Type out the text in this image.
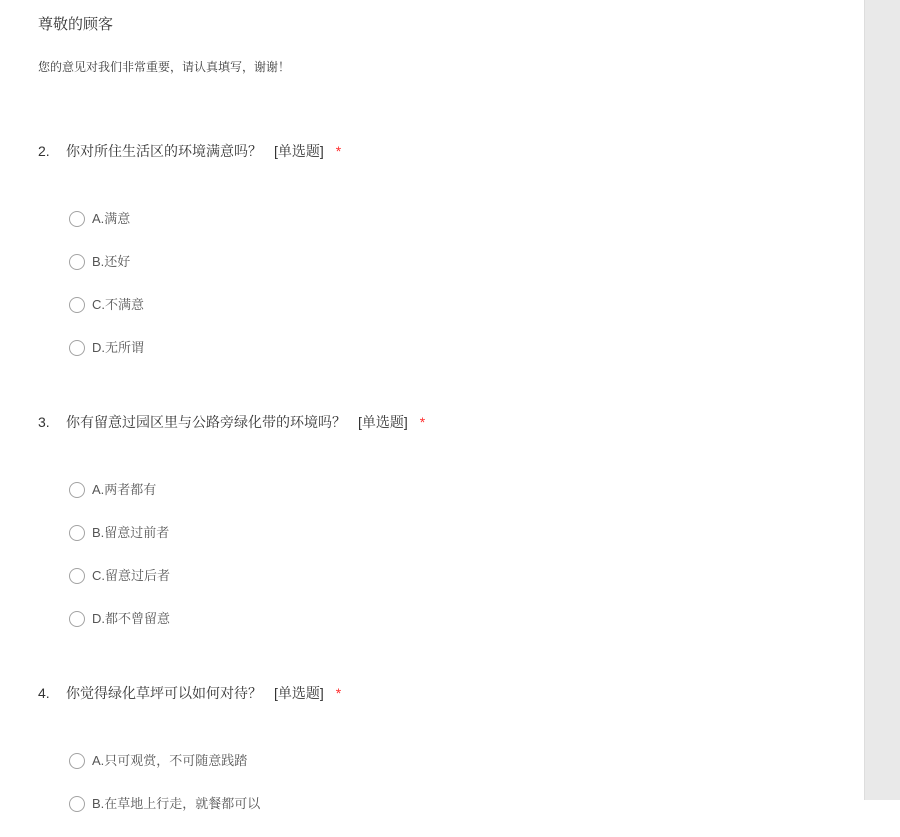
尊敬的顾客
您的意见对我们非常重要，请认真填写，谢谢！
2. 你对所住生活区的环境满意吗？ [单选题] *
A.满意
B.还好
C.不满意
D.无所谓
3. 你有留意过园区里与公路旁绿化带的环境吗？ [单选题] *
A.两者都有
B.留意过前者
C.留意过后者
D.都不曾留意
4. 你觉得绿化草坪可以如何对待？ [单选题] *
A.只可观赏，不可随意践踏
B.在草地上行走，就餐都可以
